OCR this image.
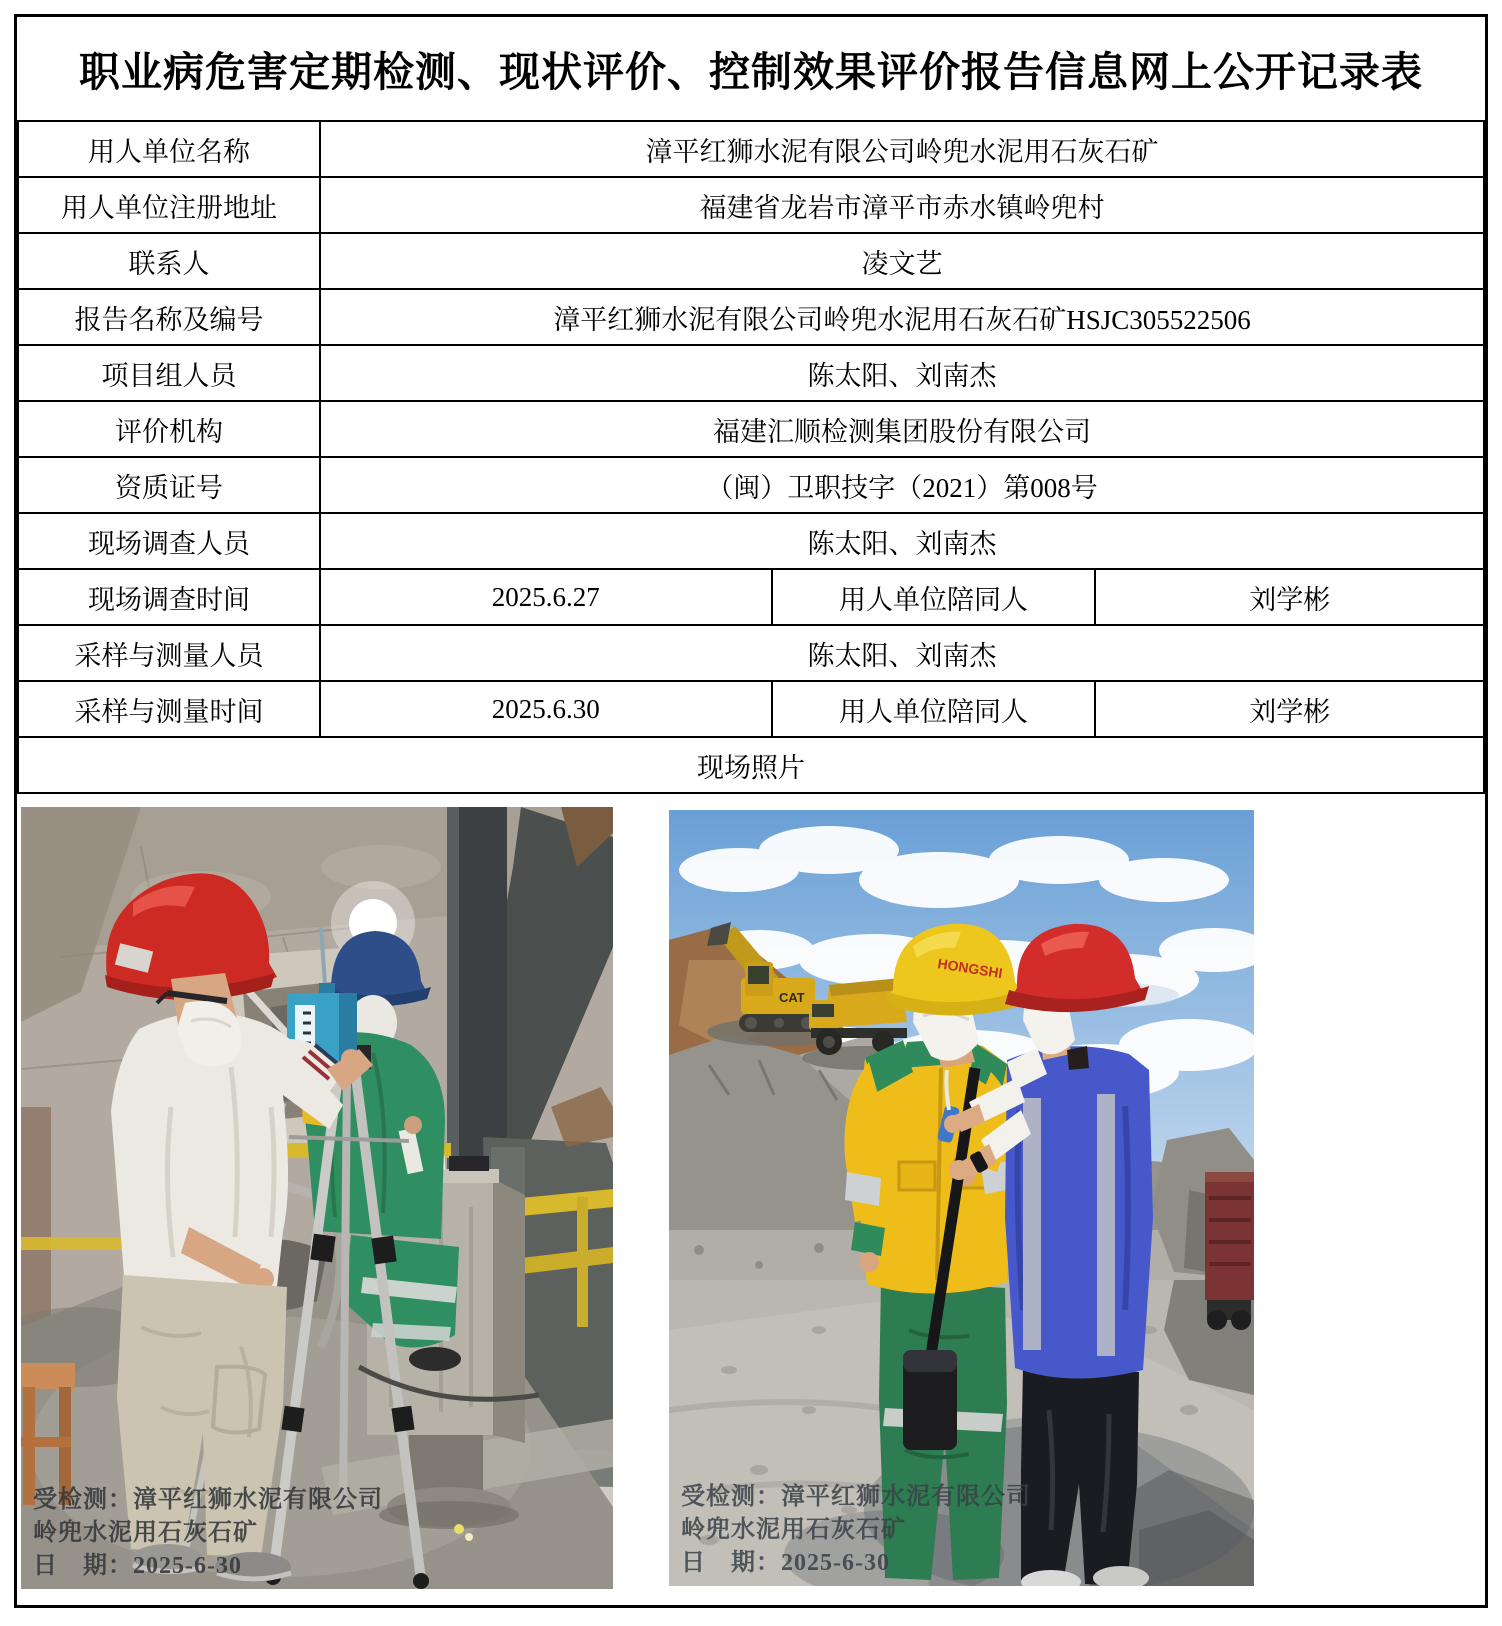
职业病危害定期检测、现状评价、控制效果评价报告信息网上公开记录表
用人单位名称	漳平红狮水泥有限公司岭兜水泥用石灰石矿		
用人单位注册地址	福建省龙岩市漳平市赤水镇岭兜村		
联系人	凌文艺		
报告名称及编号	漳平红狮水泥有限公司岭兜水泥用石灰石矿HSJC305522506		
项目组人员	陈太阳、刘南杰		
评价机构	福建汇顺检测集团股份有限公司		
资质证号	（闽）卫职技字（2021）第008号		
现场调查人员	陈太阳、刘南杰		
现场调查时间	2025.6.27	用人单位陪同人	刘学彬
采样与测量人员	陈太阳、刘南杰		
采样与测量时间	2025.6.30	用人单位陪同人	刘学彬
现场照片			
受检测：漳平红狮水泥有限公司
岭兜水泥用石灰石矿
日　期：2025-6-30
CAT
HONGSHI
受检测：漳平红狮水泥有限公司
岭兜水泥用石灰石矿
日　期：2025-6-30
